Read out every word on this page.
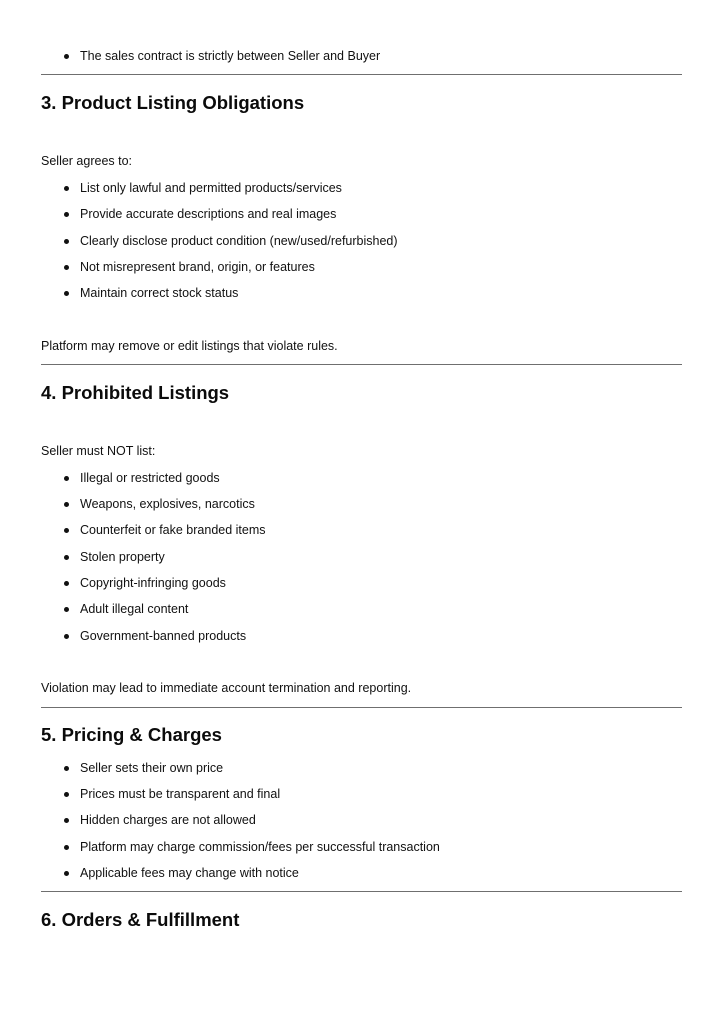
The sales contract is strictly between Seller and Buyer
3. Product Listing Obligations
Seller agrees to:
List only lawful and permitted products/services
Provide accurate descriptions and real images
Clearly disclose product condition (new/used/refurbished)
Not misrepresent brand, origin, or features
Maintain correct stock status
Platform may remove or edit listings that violate rules.
4. Prohibited Listings
Seller must NOT list:
Illegal or restricted goods
Weapons, explosives, narcotics
Counterfeit or fake branded items
Stolen property
Copyright-infringing goods
Adult illegal content
Government-banned products
Violation may lead to immediate account termination and reporting.
5. Pricing & Charges
Seller sets their own price
Prices must be transparent and final
Hidden charges are not allowed
Platform may charge commission/fees per successful transaction
Applicable fees may change with notice
6. Orders & Fulfillment
